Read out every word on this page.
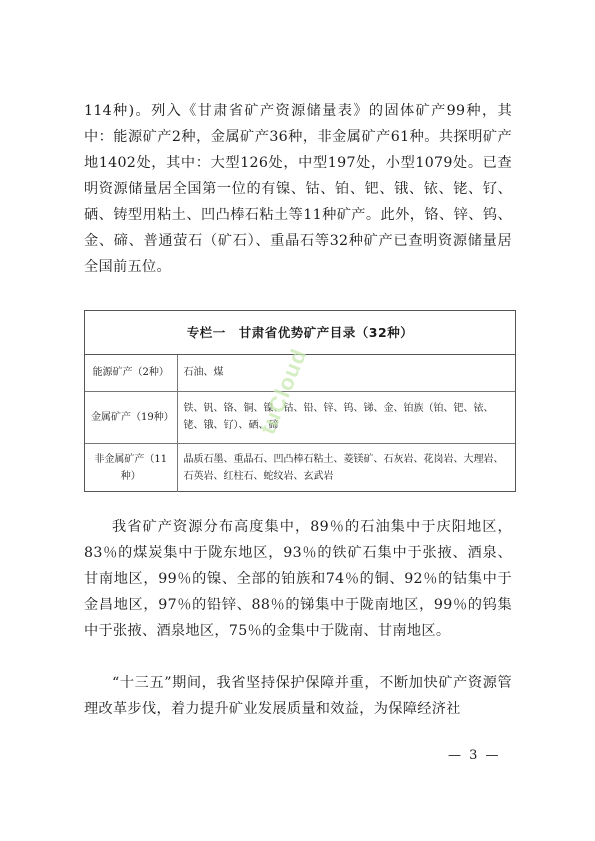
114种)。列入《甘肃省矿产资源储量表》的固体矿产99种，其中：能源矿产2种，金属矿产36种，非金属矿产61种。共探明矿产地1402处，其中：大型126处，中型197处，小型1079处。已查明资源储量居全国第一位的有镍、钴、铂、钯、锇、铱、铑、钌、硒、铸型用粘土、凹凸棒石粘土等11种矿产。此外，铬、锌、钨、金、碲、普通萤石（矿石）、重晶石等32种矿产已查明资源储量居全国前五位。

专栏一　甘肃省优势矿产目录（32种）
能源矿产（2种）	石油、煤
金属矿产（19种）	铁、钒、铬、铜、镍、钴、铅、锌、钨、锑、金、铂族（铂、钯、铱、铑、锇、钌）、硒、碲
非金属矿产（11种）	晶质石墨、重晶石、凹凸棒石粘土、菱镁矿、石灰岩、花岗岩、大理岩、石英岩、红柱石、蛇纹岩、玄武岩
tuCloud

我省矿产资源分布高度集中，89％的石油集中于庆阳地区，83％的煤炭集中于陇东地区，93％的铁矿石集中于张掖、酒泉、甘南地区，99％的镍、全部的铂族和74％的铜、92％的钴集中于金昌地区，97％的铅锌、88％的锑集中于陇南地区，99％的钨集中于张掖、酒泉地区，75％的金集中于陇南、甘南地区。

“十三五”期间，我省坚持保护保障并重，不断加快矿产资源管理改革步伐，着力提升矿业发展质量和效益，为保障经济社

— 3 —
